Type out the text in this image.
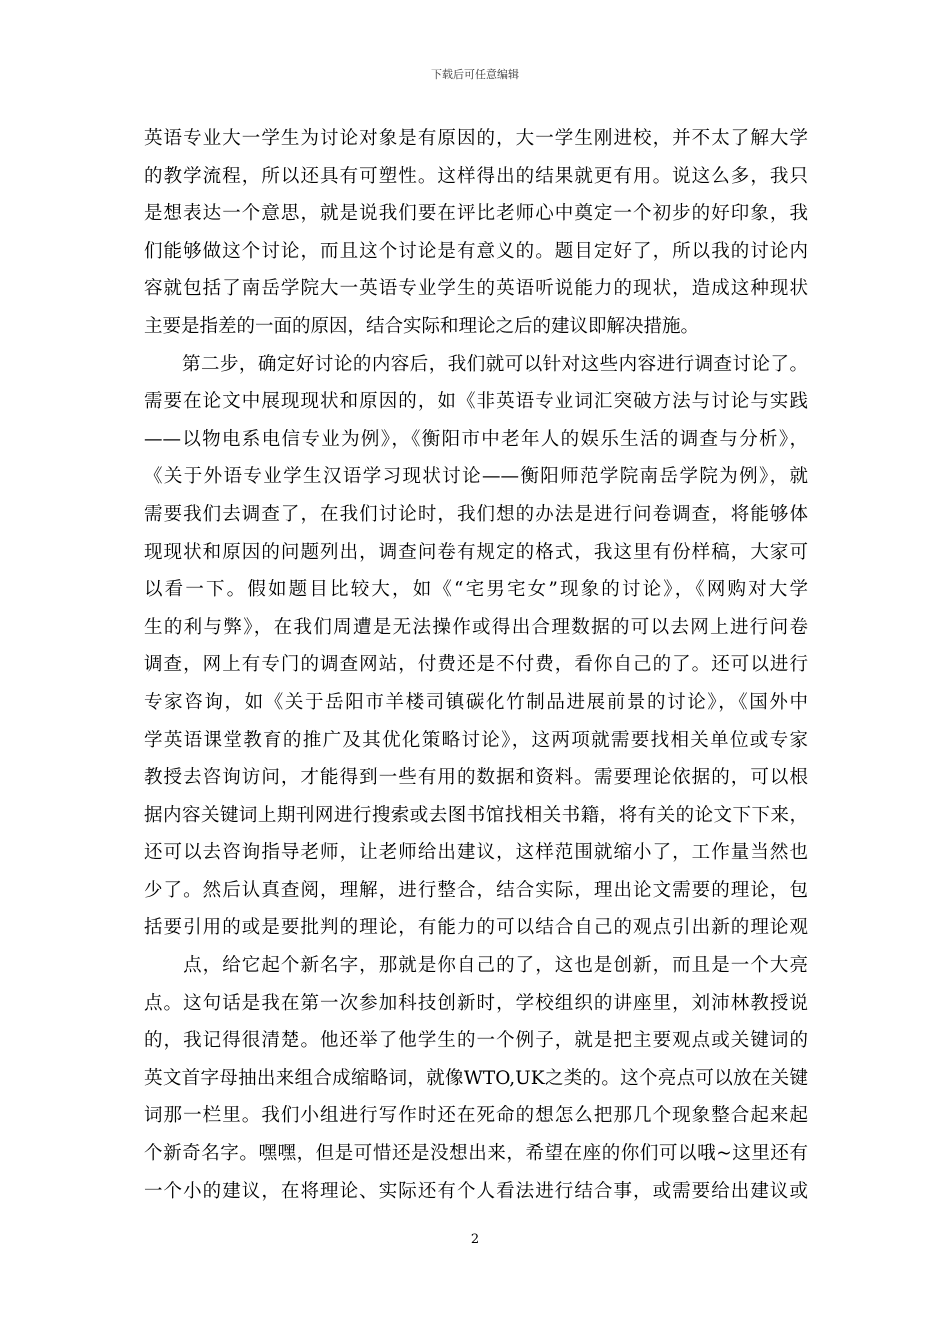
下载后可任意编辑
英语专业大一学生为讨论对象是有原因的，大一学生刚进校，并不太了解大学
的教学流程，所以还具有可塑性。这样得出的结果就更有用。说这么多，我只
是想表达一个意思，就是说我们要在评比老师心中奠定一个初步的好印象，我
们能够做这个讨论，而且这个讨论是有意义的。题目定好了，所以我的讨论内
容就包括了南岳学院大一英语专业学生的英语听说能力的现状，造成这种现状
主要是指差的一面的原因，结合实际和理论之后的建议即解决措施。
　　第二步，确定好讨论的内容后，我们就可以针对这些内容进行调查讨论了。
需要在论文中展现现状和原因的，如《非英语专业词汇突破方法与讨论与实践
——以物电系电信专业为例》，《衡阳市中老年人的娱乐生活的调查与分析》，
《关于外语专业学生汉语学习现状讨论——衡阳师范学院南岳学院为例》，就
需要我们去调查了，在我们讨论时，我们想的办法是进行问卷调查，将能够体
现现状和原因的问题列出，调查问卷有规定的格式，我这里有份样稿，大家可
以看一下。假如题目比较大，如《“宅男宅女”现象的讨论》，《网购对大学
生的利与弊》，在我们周遭是无法操作或得出合理数据的可以去网上进行问卷
调查，网上有专门的调查网站，付费还是不付费，看你自己的了。还可以进行
专家咨询，如《关于岳阳市羊楼司镇碳化竹制品进展前景的讨论》，《国外中
学英语课堂教育的推广及其优化策略讨论》，这两项就需要找相关单位或专家
教授去咨询访问，才能得到一些有用的数据和资料。需要理论依据的，可以根
据内容关键词上期刊网进行搜索或去图书馆找相关书籍，将有关的论文下下来，
还可以去咨询指导老师，让老师给出建议，这样范围就缩小了，工作量当然也
少了。然后认真查阅，理解，进行整合，结合实际，理出论文需要的理论，包
括要引用的或是要批判的理论，有能力的可以结合自己的观点引出新的理论观
　　点，给它起个新名字，那就是你自己的了，这也是创新，而且是一个大亮
点。这句话是我在第一次参加科技创新时，学校组织的讲座里，刘沛林教授说
的，我记得很清楚。他还举了他学生的一个例子，就是把主要观点或关键词的
英文首字母抽出来组合成缩略词，就像WTO,UK之类的。这个亮点可以放在关键
词那一栏里。我们小组进行写作时还在死命的想怎么把那几个现象整合起来起
个新奇名字。嘿嘿，但是可惜还是没想出来，希望在座的你们可以哦~这里还有
一个小的建议，在将理论、实际还有个人看法进行结合事，或需要给出建议或
2
